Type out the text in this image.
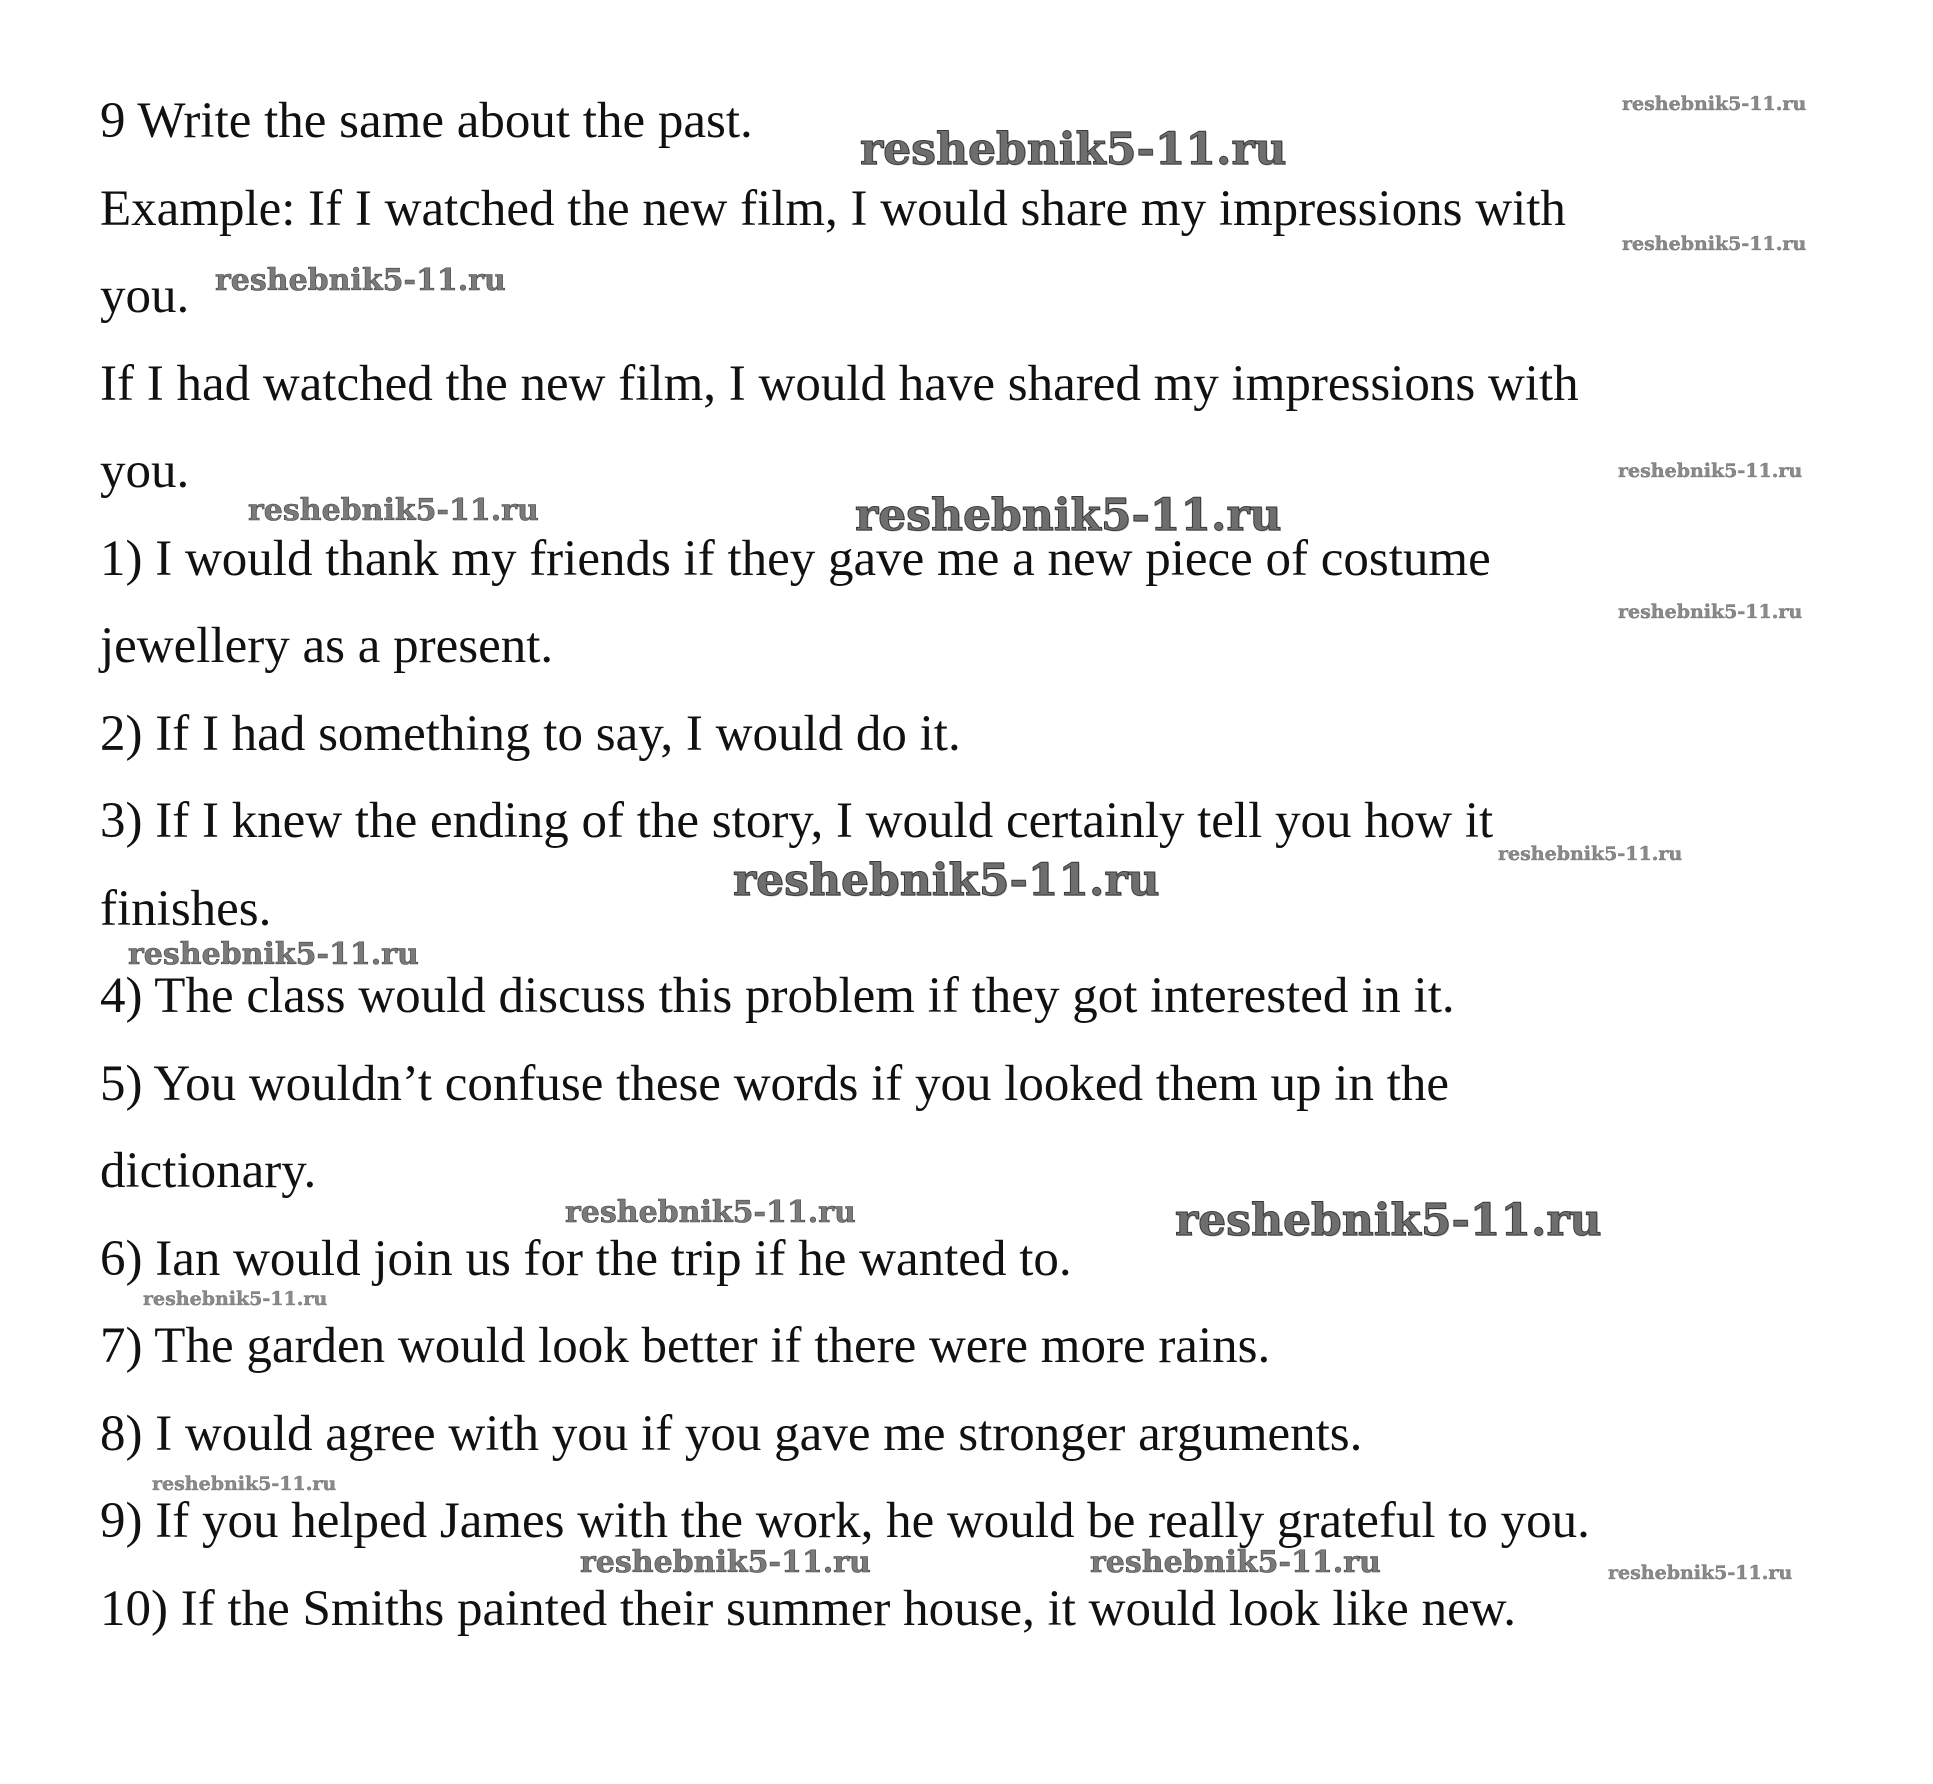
9 Write the same about the past.
Example: If I watched the new film, I would share my impressions with
you.
If I had watched the new film, I would have shared my impressions with
you.
1) I would thank my friends if they gave me a new piece of costume
jewellery as a present.
2) If I had something to say, I would do it.
3) If I knew the ending of the story, I would certainly tell you how it
finishes.
4) The class would discuss this problem if they got interested in it.
5) You wouldn’t confuse these words if you looked them up in the
dictionary.
6) Ian would join us for the trip if he wanted to.
7) The garden would look better if there were more rains.
8) I would agree with you if you gave me stronger arguments.
9) If you helped James with the work, he would be really grateful to you.
10) If the Smiths painted their summer house, it would look like new.
reshebnik5-11.ru
reshebnik5-11.ru
reshebnik5-11.ru
reshebnik5-11.ru
reshebnik5-11.ru
reshebnik5-11.ru
reshebnik5-11.ru
reshebnik5-11.ru
reshebnik5-11.ru	reshebnik5-11.ru
reshebnik5-11.ru
reshebnik5-11.ru
reshebnik5-11.ru
reshebnik5-11.ru
reshebnik5-11.ru
reshebnik5-11.ru
reshebnik5-11.ru
reshebnik5-11.ru
